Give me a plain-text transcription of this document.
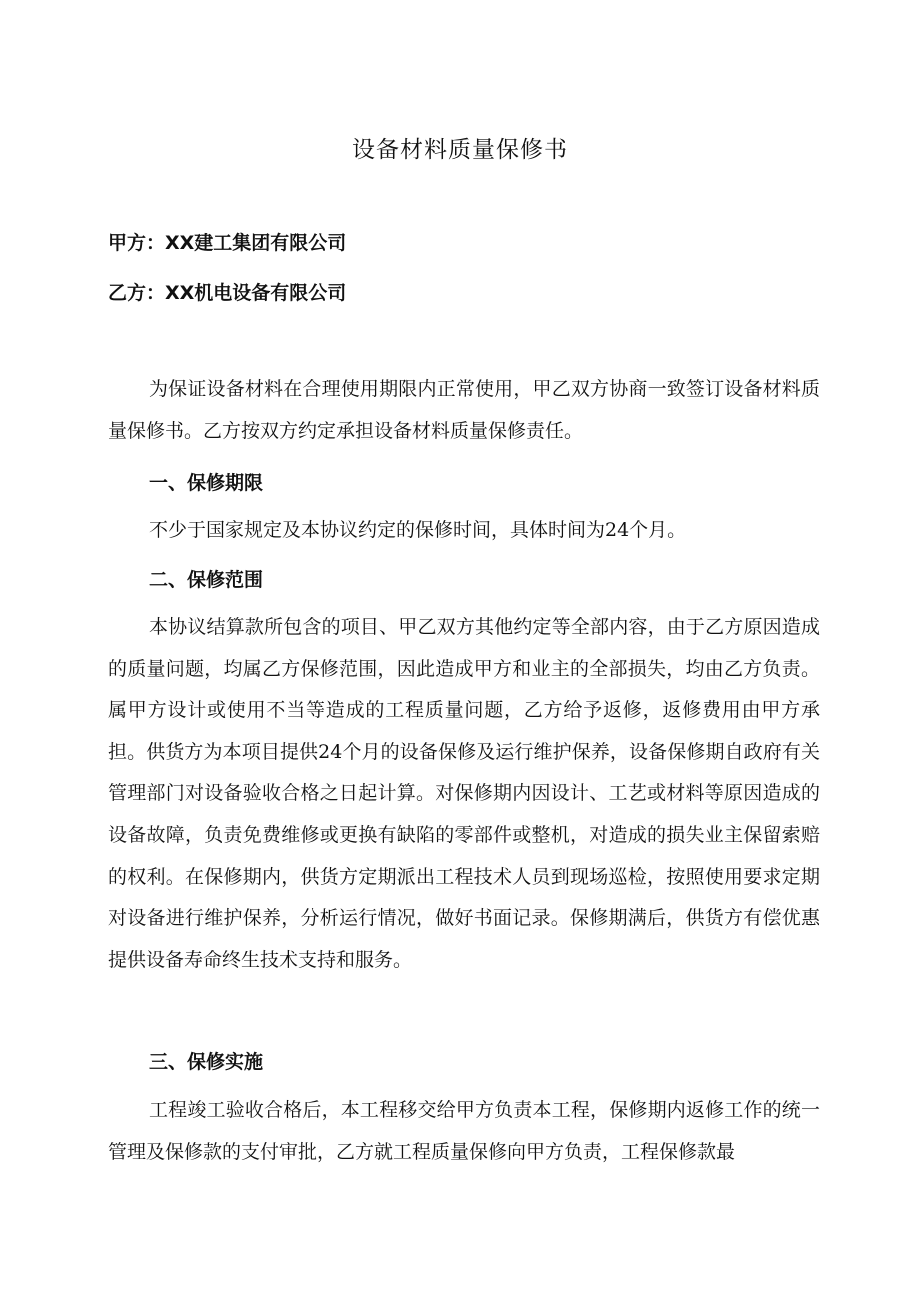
设备材料质量保修书
甲方：XX建工集团有限公司
乙方：XX机电设备有限公司
为保证设备材料在合理使用期限内正常使用，甲乙双方协商一致签订设备材料质量保修书。乙方按双方约定承担设备材料质量保修责任。
一、保修期限
不少于国家规定及本协议约定的保修时间，具体时间为24个月。
二、保修范围
本协议结算款所包含的项目、甲乙双方其他约定等全部内容，由于乙方原因造成的质量问题，均属乙方保修范围，因此造成甲方和业主的全部损失，均由乙方负责。属甲方设计或使用不当等造成的工程质量问题，乙方给予返修，返修费用由甲方承担。供货方为本项目提供24个月的设备保修及运行维护保养，设备保修期自政府有关管理部门对设备验收合格之日起计算。对保修期内因设计、工艺或材料等原因造成的设备故障，负责免费维修或更换有缺陷的零部件或整机，对造成的损失业主保留索赔的权利。在保修期内，供货方定期派出工程技术人员到现场巡检，按照使用要求定期对设备进行维护保养，分析运行情况，做好书面记录。保修期满后，供货方有偿优惠提供设备寿命终生技术支持和服务。
三、保修实施
工程竣工验收合格后，本工程移交给甲方负责本工程，保修期内返修工作的统一管理及保修款的支付审批，乙方就工程质量保修向甲方负责，工程保修款最
